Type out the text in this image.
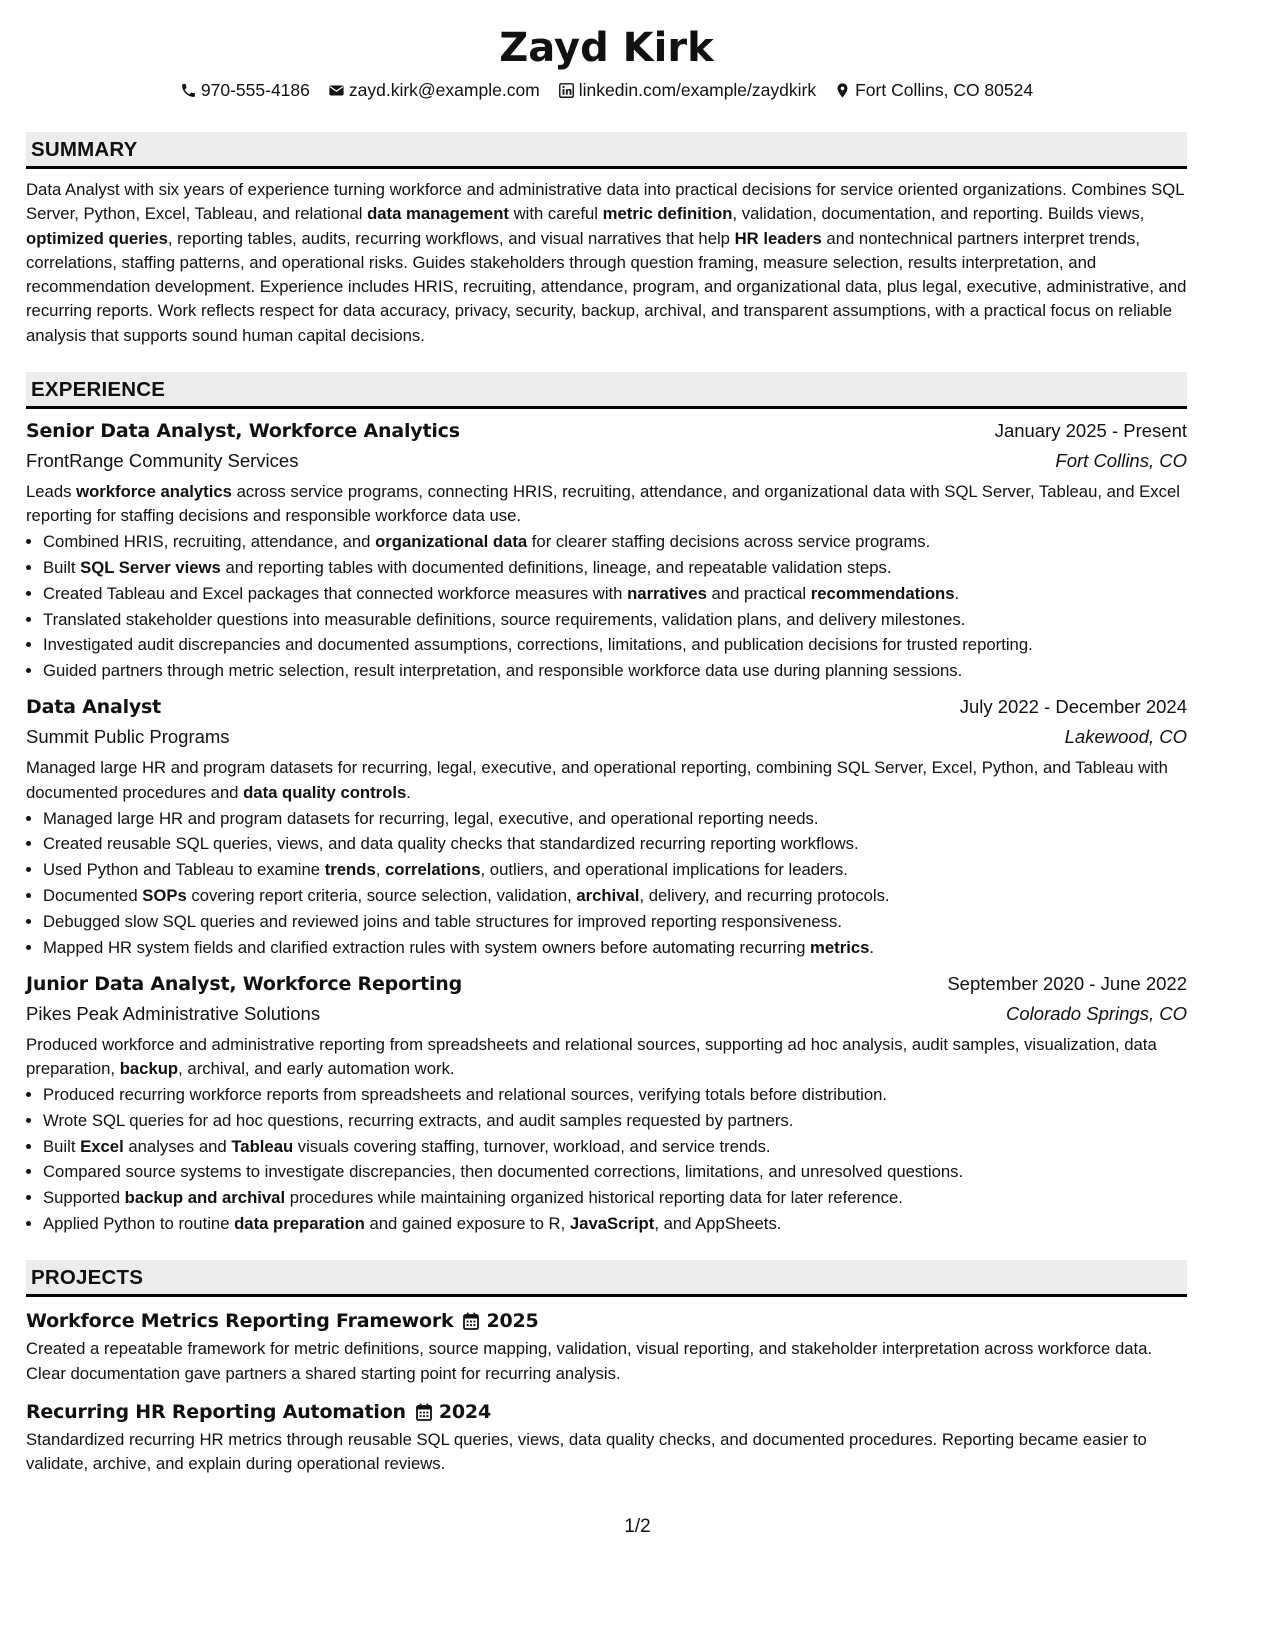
Zayd Kirk
970-555-4186 zayd.kirk@example.com linkedin.com/example/zaydkirk Fort Collins, CO 80524
SUMMARY

Data Analyst with six years of experience turning workforce and administrative data into practical decisions for service oriented organizations. Combines SQL Server, Python, Excel, Tableau, and relational data management with careful metric definition, validation, documentation, and reporting. Builds views, optimized queries, reporting tables, audits, recurring workflows, and visual narratives that help HR leaders and nontechnical partners interpret trends, correlations, staffing patterns, and operational risks. Guides stakeholders through question framing, measure selection, results interpretation, and recommendation development. Experience includes HRIS, recruiting, attendance, program, and organizational data, plus legal, executive, administrative, and recurring reports. Work reflects respect for data accuracy, privacy, security, backup, archival, and transparent assumptions, with a practical focus on reliable analysis that supports sound human capital decisions.

EXPERIENCE
Senior Data Analyst, Workforce Analytics	January 2025 - Present
FrontRange Community Services	Fort Collins, CO

Leads workforce analytics across service programs, connecting HRIS, recruiting, attendance, and organizational data with SQL Server, Tableau, and Excel reporting for staffing decisions and responsible workforce data use.

• Combined HRIS, recruiting, attendance, and organizational data for clearer staffing decisions across service programs.
• Built SQL Server views and reporting tables with documented definitions, lineage, and repeatable validation steps.
• Created Tableau and Excel packages that connected workforce measures with narratives and practical recommendations.
• Translated stakeholder questions into measurable definitions, source requirements, validation plans, and delivery milestones.
• Investigated audit discrepancies and documented assumptions, corrections, limitations, and publication decisions for trusted reporting.
• Guided partners through metric selection, result interpretation, and responsible workforce data use during planning sessions.
Data Analyst	July 2022 - December 2024
Summit Public Programs	Lakewood, CO

Managed large HR and program datasets for recurring, legal, executive, and operational reporting, combining SQL Server, Excel, Python, and Tableau with documented procedures and data quality controls.

• Managed large HR and program datasets for recurring, legal, executive, and operational reporting needs.
• Created reusable SQL queries, views, and data quality checks that standardized recurring reporting workflows.
• Used Python and Tableau to examine trends, correlations, outliers, and operational implications for leaders.
• Documented SOPs covering report criteria, source selection, validation, archival, delivery, and recurring protocols.
• Debugged slow SQL queries and reviewed joins and table structures for improved reporting responsiveness.
• Mapped HR system fields and clarified extraction rules with system owners before automating recurring metrics.
Junior Data Analyst, Workforce Reporting	September 2020 - June 2022
Pikes Peak Administrative Solutions	Colorado Springs, CO

Produced workforce and administrative reporting from spreadsheets and relational sources, supporting ad hoc analysis, audit samples, visualization, data preparation, backup, archival, and early automation work.

• Produced recurring workforce reports from spreadsheets and relational sources, verifying totals before distribution.
• Wrote SQL queries for ad hoc questions, recurring extracts, and audit samples requested by partners.
• Built Excel analyses and Tableau visuals covering staffing, turnover, workload, and service trends.
• Compared source systems to investigate discrepancies, then documented corrections, limitations, and unresolved questions.
• Supported backup and archival procedures while maintaining organized historical reporting data for later reference.
• Applied Python to routine data preparation and gained exposure to R, JavaScript, and AppSheets.
PROJECTS
Workforce Metrics Reporting Framework 2025

Created a repeatable framework for metric definitions, source mapping, validation, visual reporting, and stakeholder interpretation across workforce data. Clear documentation gave partners a shared starting point for recurring analysis.

Recurring HR Reporting Automation 2024

Standardized recurring HR metrics through reusable SQL queries, views, data quality checks, and documented procedures. Reporting became easier to validate, archive, and explain during operational reviews.

1/2
